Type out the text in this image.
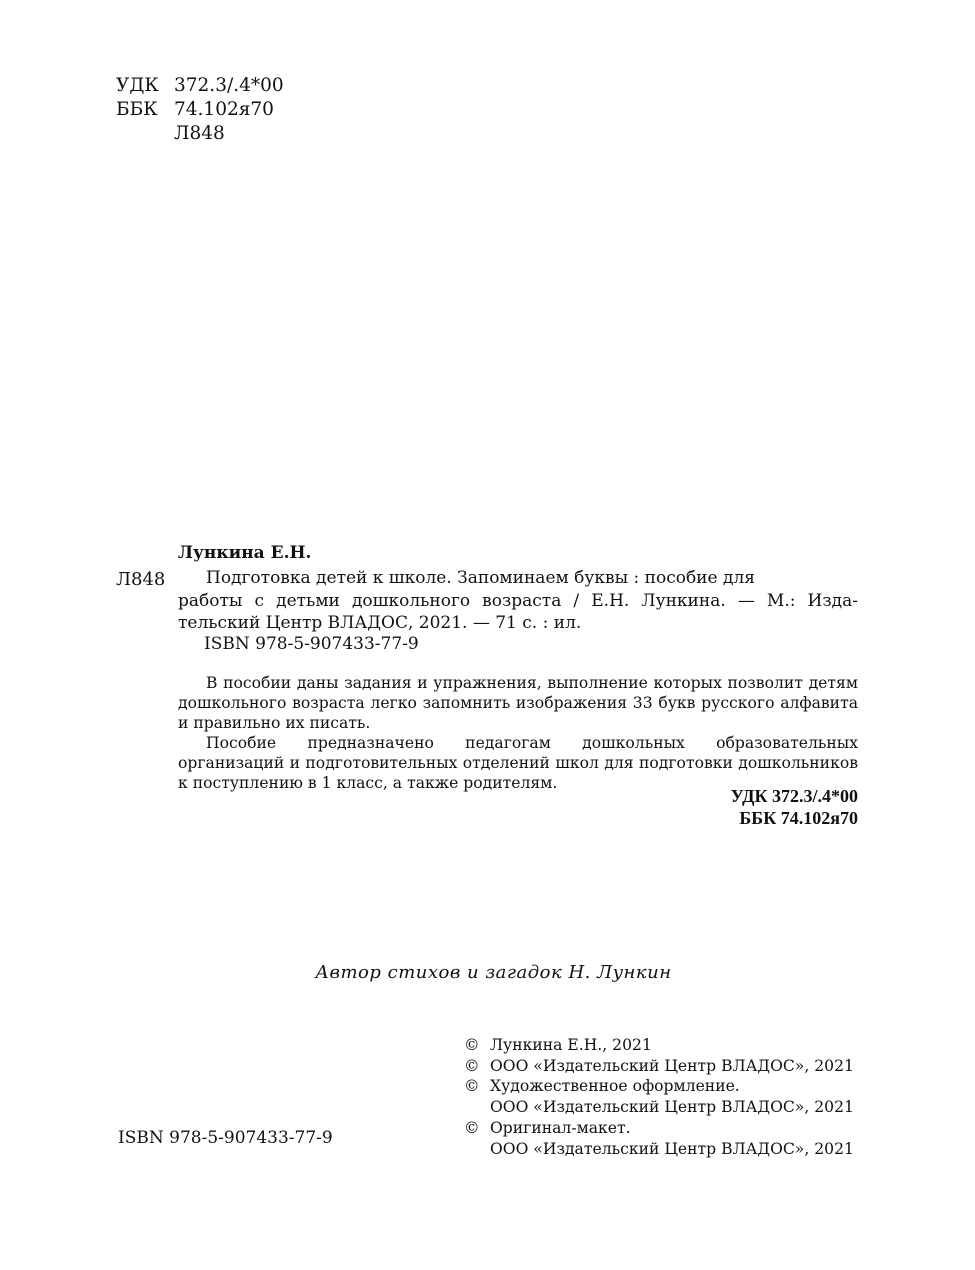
УДК 372.3/.4*00
ББК 74.102я70
Л848
Лункина Е.Н.
Л848	Подготовка детей к школе. Запоминаем буквы : пособие для
работы с детьми дошкольного возраста / Е.Н. Лункина. — М.: Изда-
тельский Центр ВЛАДОС, 2021. — 71 с. : ил.
ISBN 978-5-907433-77-9

В пособии даны задания и упражнения, выполнение которых позволит детям дошкольного возраста легко запомнить изображения 33 букв русского алфавита и правильно их писать.

Пособие предназначено педагогам дошкольных образовательных организаций и подготовительных отделений школ для подготовки дошкольников к поступлению в 1 класс, а также родителям.

УДК 372.3/.4*00
ББК 74.102я70
Автор стихов и загадок Н. Лункин
© Лункина Е.Н., 2021
© ООО «Издательский Центр ВЛАДОС», 2021
© Художественное оформление.
ООО «Издательский Центр ВЛАДОС», 2021
© Оригинал-макет.
ООО «Издательский Центр ВЛАДОС», 2021
ISBN 978-5-907433-77-9
